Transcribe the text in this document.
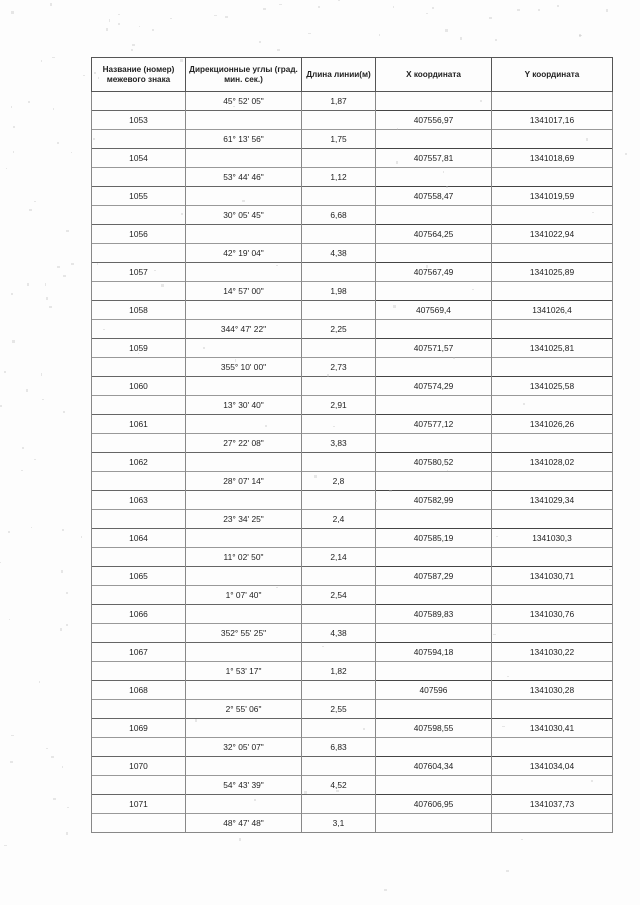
Название (номер) межевого знака	Дирекционные углы (град. мин. сек.)	Длина линии(м)	X координата	Y координата
	45° 52' 05"	1,87		
1053			407556,97	1341017,16
	61° 13' 56"	1,75		
1054			407557,81	1341018,69
	53° 44' 46"	1,12		
1055			407558,47	1341019,59
	30° 05' 45"	6,68		
1056			407564,25	1341022,94
	42° 19' 04"	4,38		
1057			407567,49	1341025,89
	14° 57' 00"	1,98		
1058			407569,4	1341026,4
	344° 47' 22"	2,25		
1059			407571,57	1341025,81
	355° 10' 00"	2,73		
1060			407574,29	1341025,58
	13° 30' 40"	2,91		
1061			407577,12	1341026,26
	27° 22' 08"	3,83		
1062			407580,52	1341028,02
	28° 07' 14"	2,8		
1063			407582,99	1341029,34
	23° 34' 25"	2,4		
1064			407585,19	1341030,3
	11° 02' 50"	2,14		
1065			407587,29	1341030,71
	1° 07' 40"	2,54		
1066			407589,83	1341030,76
	352° 55' 25"	4,38		
1067			407594,18	1341030,22
	1° 53' 17"	1,82		
1068			407596	1341030,28
	2° 55' 06"	2,55		
1069			407598,55	1341030,41
	32° 05' 07"	6,83		
1070			407604,34	1341034,04
	54° 43' 39"	4,52		
1071			407606,95	1341037,73
	48° 47' 48"	3,1		
